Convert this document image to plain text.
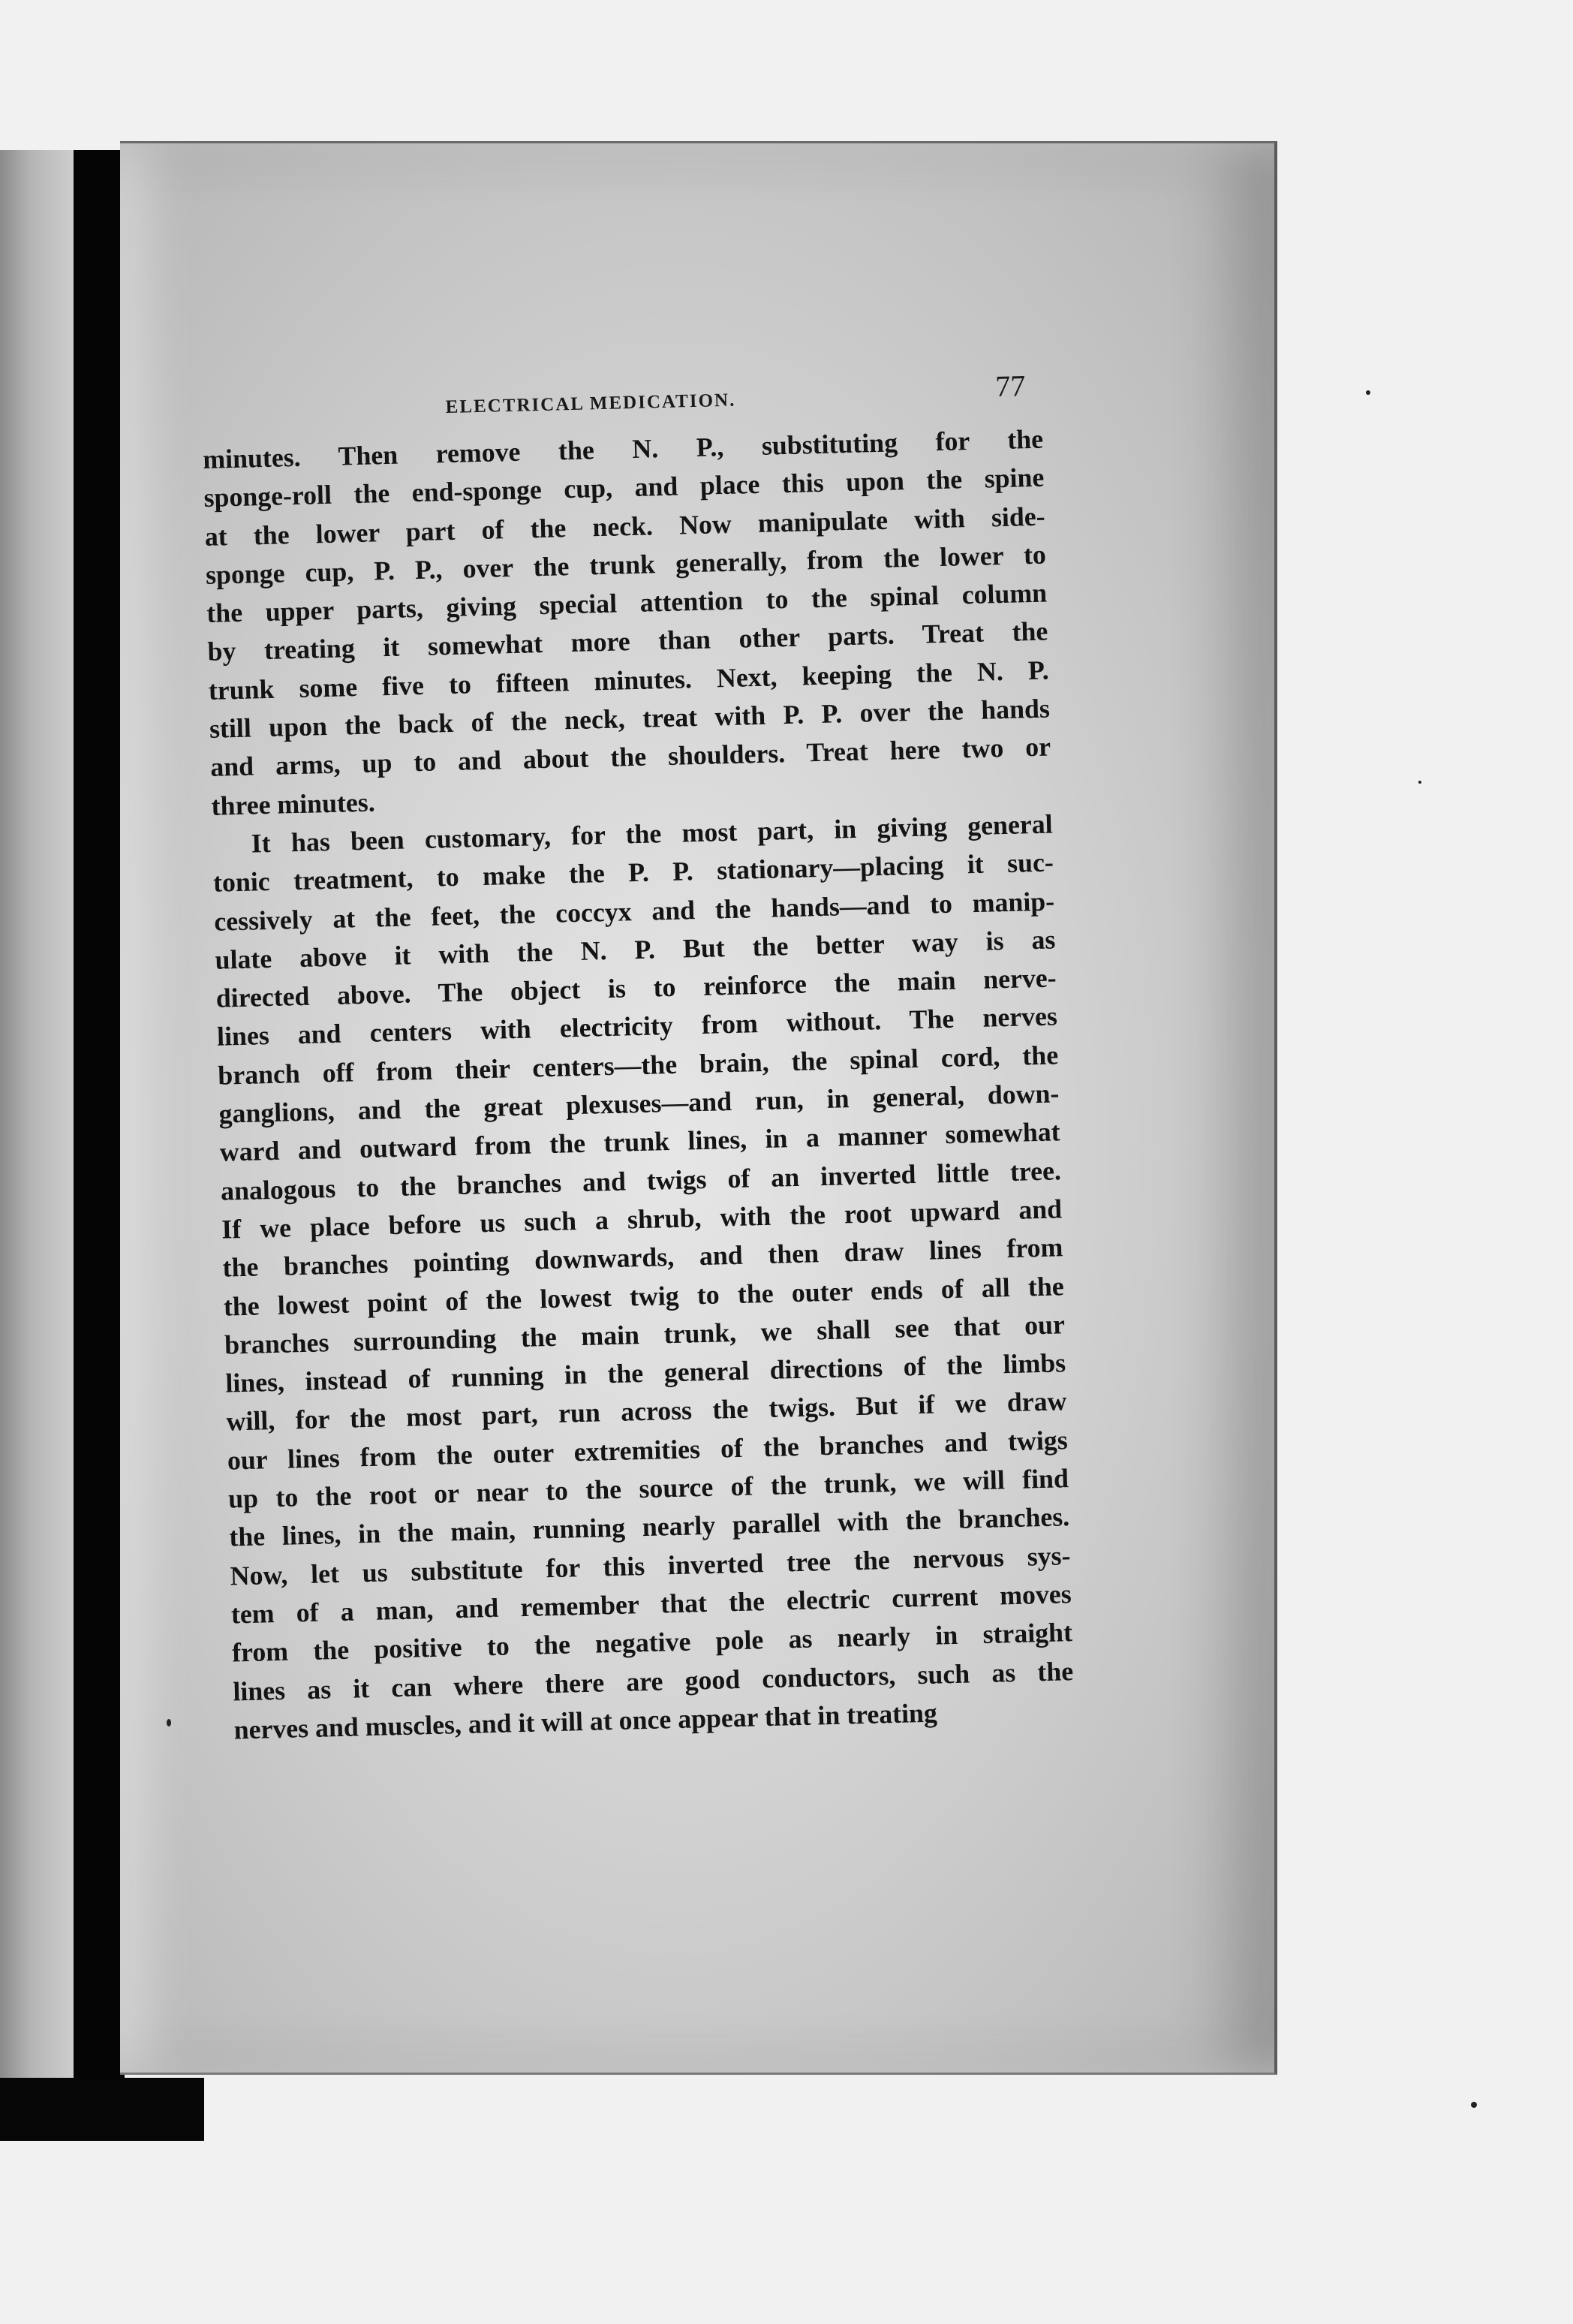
ELECTRICAL MEDICATION.
77

minutes. Then remove the N. P., substituting for the
sponge-roll the end-sponge cup, and place this upon the spine
at the lower part of the neck. Now manipulate with side-
sponge cup, P. P., over the trunk generally, from the lower to
the upper parts, giving special attention to the spinal column
by treating it somewhat more than other parts. Treat the
trunk some five to fifteen minutes. Next, keeping the N. P.
still upon the back of the neck, treat with P. P. over the hands
and arms, up to and about the shoulders. Treat here two or
three minutes.

It has been customary, for the most part, in giving general
tonic treatment, to make the P. P. stationary—placing it suc-
cessively at the feet, the coccyx and the hands—and to manip-
ulate above it with the N. P. But the better way is as
directed above. The object is to reinforce the main nerve-
lines and centers with electricity from without. The nerves
branch off from their centers—the brain, the spinal cord, the
ganglions, and the great plexuses—and run, in general, down-
ward and outward from the trunk lines, in a manner somewhat
analogous to the branches and twigs of an inverted little tree.
If we place before us such a shrub, with the root upward and
the branches pointing downwards, and then draw lines from
the lowest point of the lowest twig to the outer ends of all the
branches surrounding the main trunk, we shall see that our
lines, instead of running in the general directions of the limbs
will, for the most part, run across the twigs. But if we draw
our lines from the outer extremities of the branches and twigs
up to the root or near to the source of the trunk, we will find
the lines, in the main, running nearly parallel with the branches.
Now, let us substitute for this inverted tree the nervous sys-
tem of a man, and remember that the electric current moves
from the positive to the negative pole as nearly in straight
lines as it can where there are good conductors, such as the
nerves and muscles, and it will at once appear that in treating
